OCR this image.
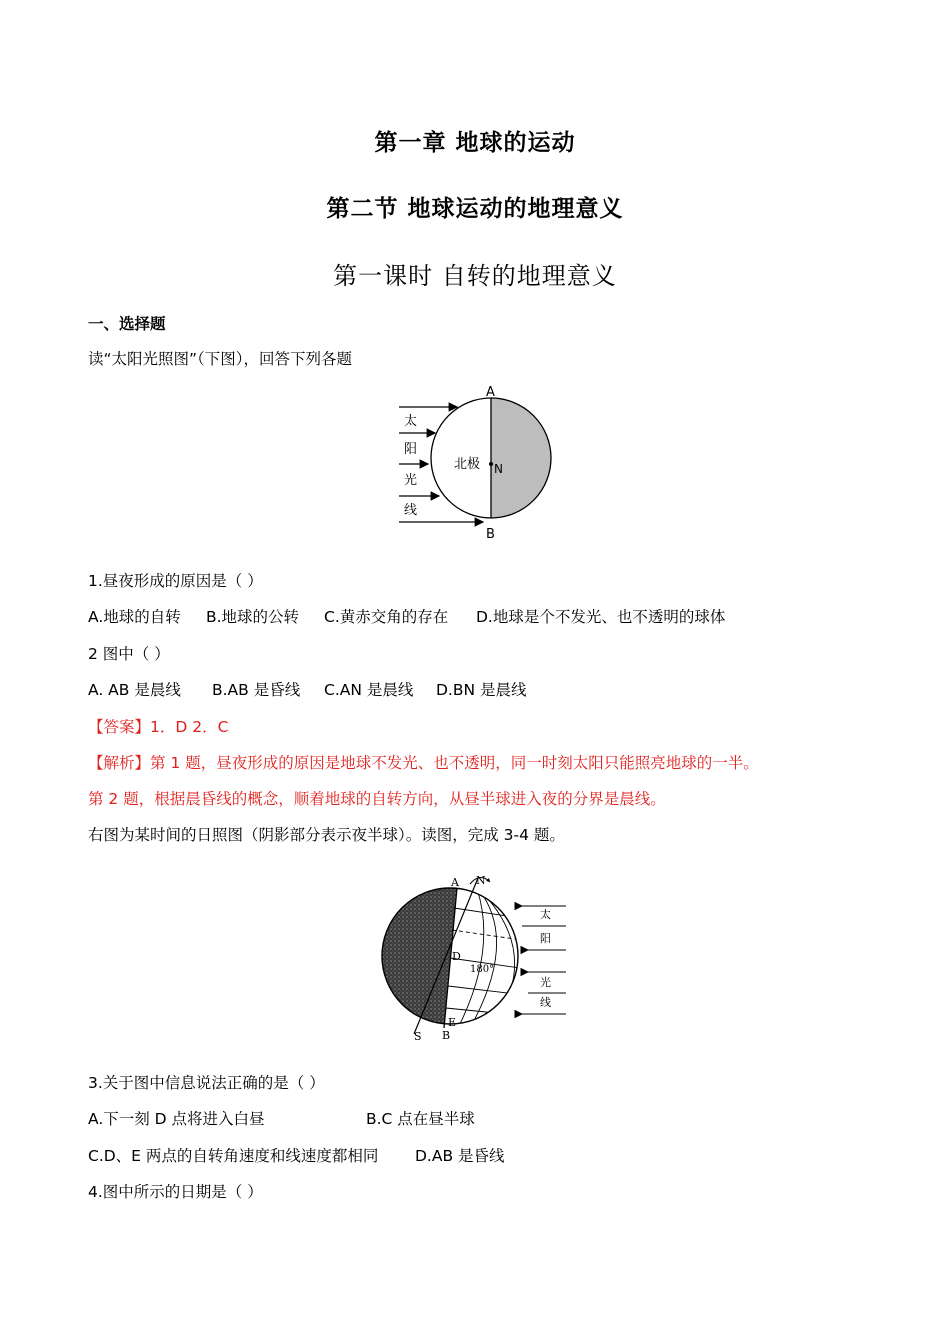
第一章 地球的运动
第二节 地球运动的地理意义
第一课时 自转的地理意义
一、选择题
读“太阳光照图”（下图），回答下列各题
A
B
北极 N
太
阳
光
线
1.昼夜形成的原因是（ ）
A.地球的自转 B.地球的公转 C.黄赤交角的存在 D.地球是个不发光、也不透明的球体
2 图中（ ）
A. AB 是晨线 B.AB 是昏线 C.AN 是晨线 D.BN 是晨线
【答案】1．D 2．C
【解析】第 1 题，昼夜形成的原因是地球不发光、也不透明，同一时刻太阳只能照亮地球的一半。
第 2 题，根据晨昏线的概念，顺着地球的自转方向，从昼半球进入夜的分界是晨线。
右图为某时间的日照图（阴影部分表示夜半球）。读图，完成 3-4 题。
A N
D
180°
E
S B
太
阳
光
线
3.关于图中信息说法正确的是（ ）
A.下一刻 D 点将进入白昼	B.C 点在昼半球
C.D、E 两点的自转角速度和线速度都相同 D.AB 是昏线
4.图中所示的日期是（ ）
